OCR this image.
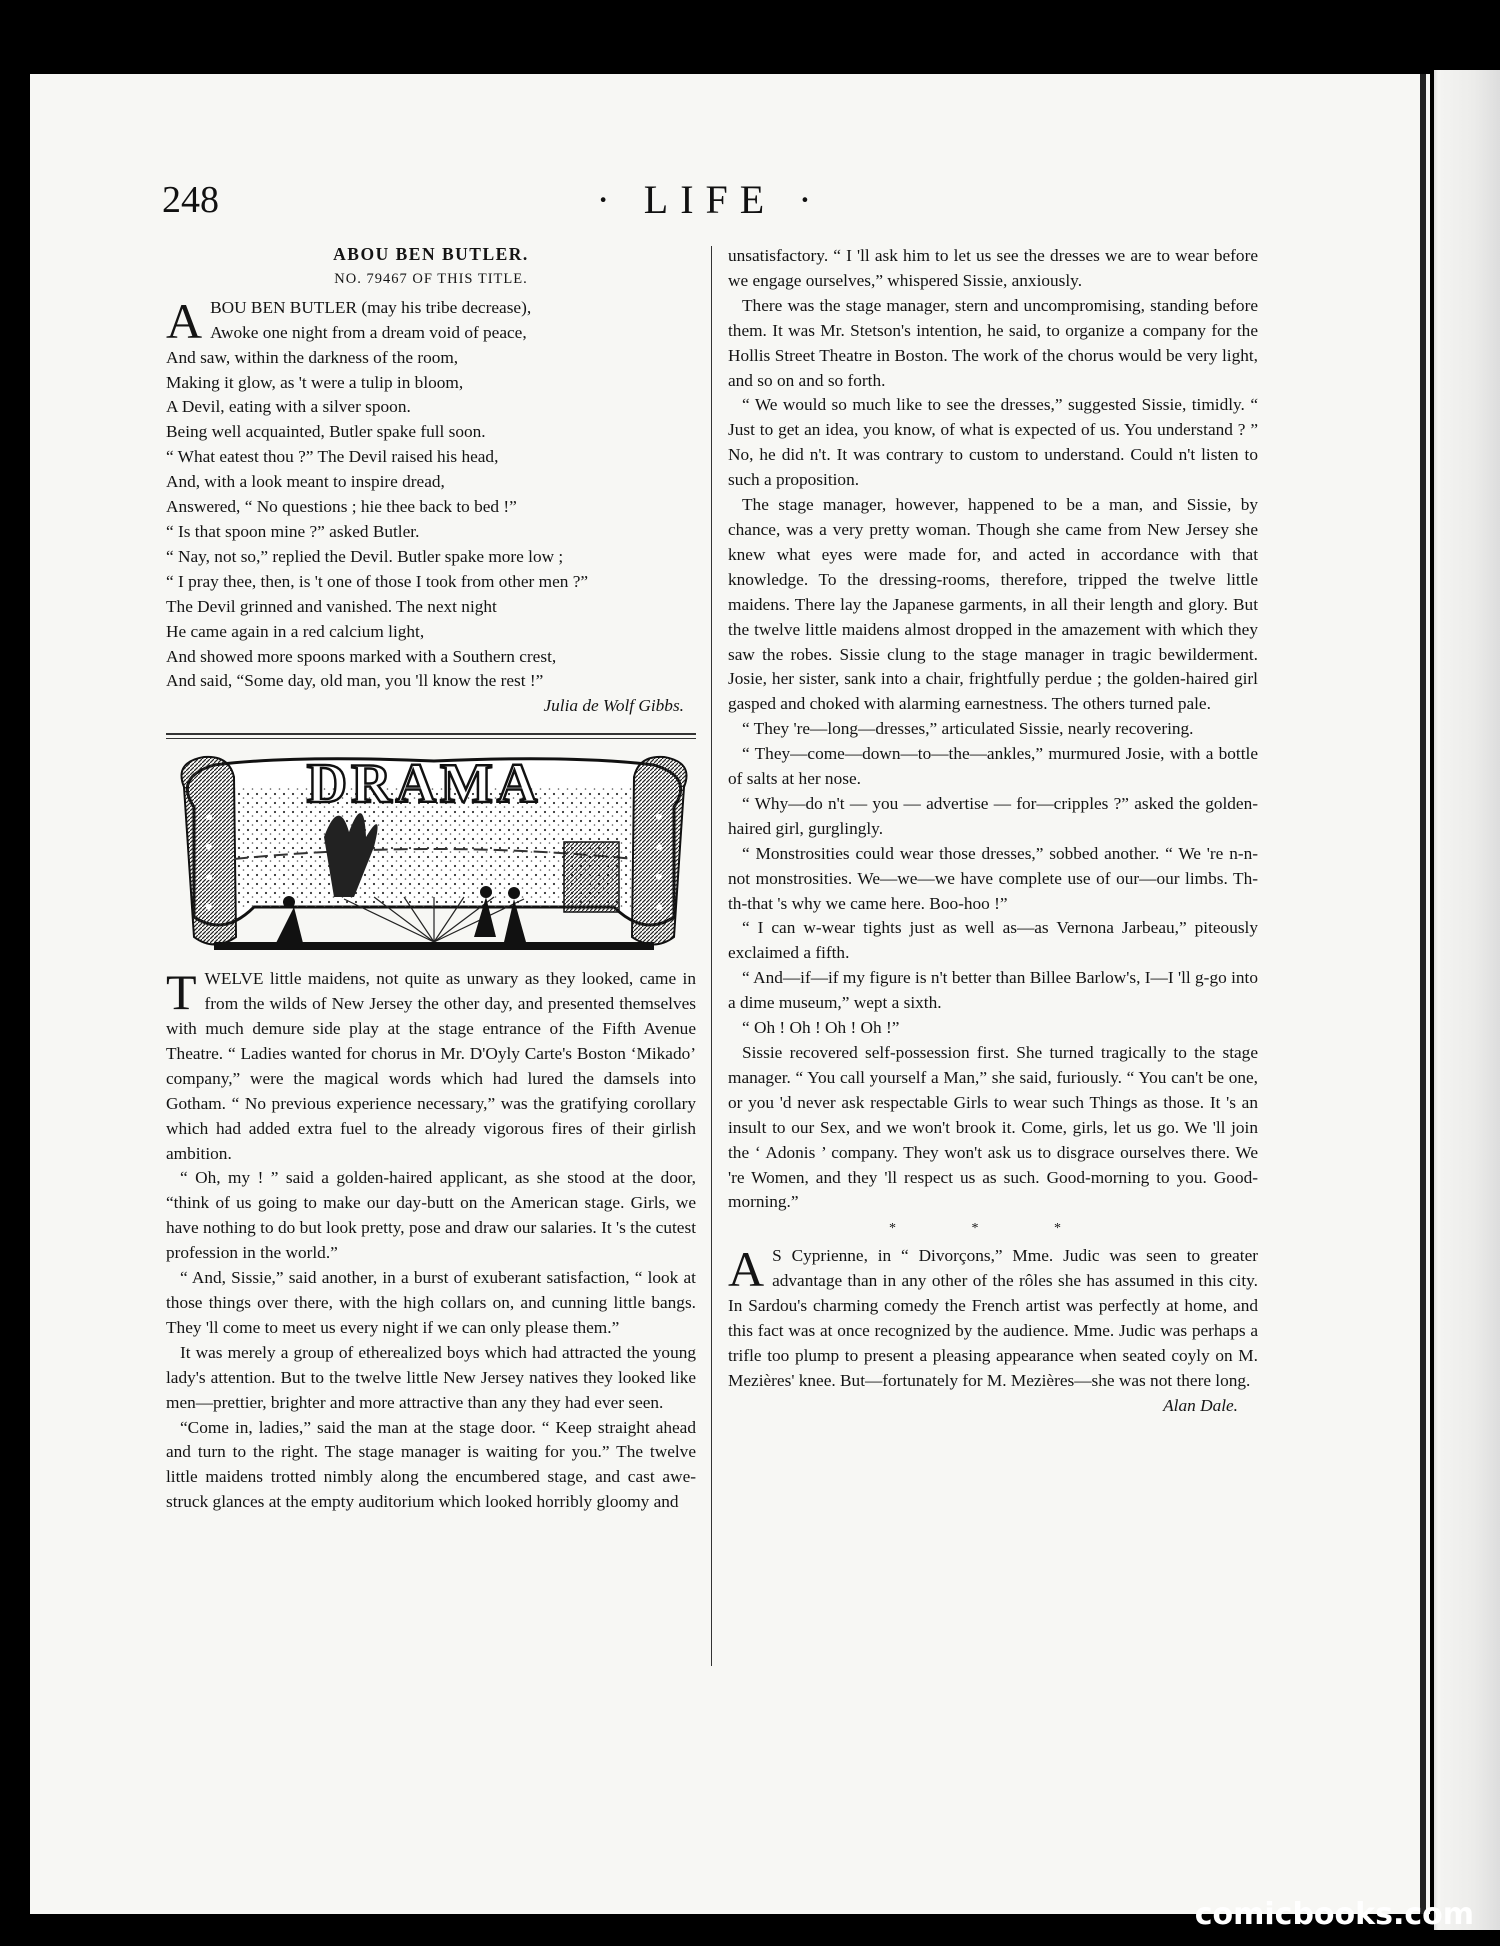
248	· LIFE ·
ABOU BEN BUTLER.
NO. 79467 OF THIS TITLE.
ABOU BEN BUTLER (may his tribe decrease),
Awoke one night from a dream void of peace,
And saw, within the darkness of the room,
Making it glow, as 't were a tulip in bloom,
A Devil, eating with a silver spoon.
Being well acquainted, Butler spake full soon.
“ What eatest thou ?” The Devil raised his head,
And, with a look meant to inspire dread,
Answered, “ No questions ; hie thee back to bed !”
“ Is that spoon mine ?” asked Butler.
“ Nay, not so,” replied the Devil. Butler spake more low ;
“ I pray thee, then, is 't one of those I took from other men ?”
The Devil grinned and vanished. The next night
He came again in a red calcium light,
And showed more spoons marked with a Southern crest,
And said, “Some day, old man, you 'll know the rest !”
Julia de Wolf Gibbs.
DRAMA

TWELVE little maidens, not quite as unwary as they looked, came in from the wilds of New Jersey the other day, and presented themselves with much demure side play at the stage entrance of the Fifth Avenue Theatre. “ Ladies wanted for chorus in Mr. D'Oyly Carte's Boston ‘Mikado’ company,” were the magical words which had lured the damsels into Gotham. “ No previous experience necessary,” was the gratifying corollary which had added extra fuel to the already vigorous fires of their girlish ambition.

“ Oh, my ! ” said a golden-haired applicant, as she stood at the door, “think of us going to make our day-butt on the American stage. Girls, we have nothing to do but look pretty, pose and draw our salaries. It 's the cutest profession in the world.”

“ And, Sissie,” said another, in a burst of exuberant satisfaction, “ look at those things over there, with the high collars on, and cunning little bangs. They 'll come to meet us every night if we can only please them.”

It was merely a group of etherealized boys which had attracted the young lady's attention. But to the twelve little New Jersey natives they looked like men—prettier, brighter and more attractive than any they had ever seen.

“Come in, ladies,” said the man at the stage door. “ Keep straight ahead and turn to the right. The stage manager is waiting for you.” The twelve little maidens trotted nimbly along the encumbered stage, and cast awe-struck glances at the empty auditorium which looked horribly gloomy and

unsatisfactory. “ I 'll ask him to let us see the dresses we are to wear before we engage ourselves,” whispered Sissie, anxiously.

There was the stage manager, stern and uncompromising, standing before them. It was Mr. Stetson's intention, he said, to organize a company for the Hollis Street Theatre in Boston. The work of the chorus would be very light, and so on and so forth.

“ We would so much like to see the dresses,” suggested Sissie, timidly. “ Just to get an idea, you know, of what is expected of us. You understand ? ” No, he did n't. It was contrary to custom to understand. Could n't listen to such a proposition.

The stage manager, however, happened to be a man, and Sissie, by chance, was a very pretty woman. Though she came from New Jersey she knew what eyes were made for, and acted in accordance with that knowledge. To the dressing-rooms, therefore, tripped the twelve little maidens. There lay the Japanese garments, in all their length and glory. But the twelve little maidens almost dropped in the amazement with which they saw the robes. Sissie clung to the stage manager in tragic bewilderment. Josie, her sister, sank into a chair, frightfully perdue ; the golden-haired girl gasped and choked with alarming earnestness. The others turned pale.

“ They 're—long—dresses,” articulated Sissie, nearly recovering.

“ They—come—down—to—the—ankles,” murmured Josie, with a bottle of salts at her nose.

“ Why—do n't — you — advertise — for—cripples ?” asked the golden-haired girl, gurglingly.

“ Monstrosities could wear those dresses,” sobbed another. “ We 're n-n-not monstrosities. We—we—we have complete use of our—our limbs. Th-th-that 's why we came here. Boo-hoo !”

“ I can w-wear tights just as well as—as Vernona Jarbeau,” piteously exclaimed a fifth.

“ And—if—if my figure is n't better than Billee Barlow's, I—I 'll g-go into a dime museum,” wept a sixth.

“ Oh ! Oh ! Oh ! Oh !”

Sissie recovered self-possession first. She turned tragically to the stage manager. “ You call yourself a Man,” she said, furiously. “ You can't be one, or you 'd never ask respectable Girls to wear such Things as those. It 's an insult to our Sex, and we won't brook it. Come, girls, let us go. We 'll join the ‘ Adonis ’ company. They won't ask us to disgrace ourselves there. We 're Women, and they 'll respect us as such. Good-morning to you. Good-morning.”

* * *

A S Cyprienne, in “ Divorçons,” Mme. Judic was seen to greater advantage than in any other of the rôles she has assumed in this city. In Sardou's charming comedy the French artist was perfectly at home, and this fact was at once recognized by the audience. Mme. Judic was perhaps a trifle too plump to present a pleasing appearance when seated coyly on M. Mezières' knee. But—fortunately for M. Mezières—she was not there long.
Alan Dale.

comicbooks.com
